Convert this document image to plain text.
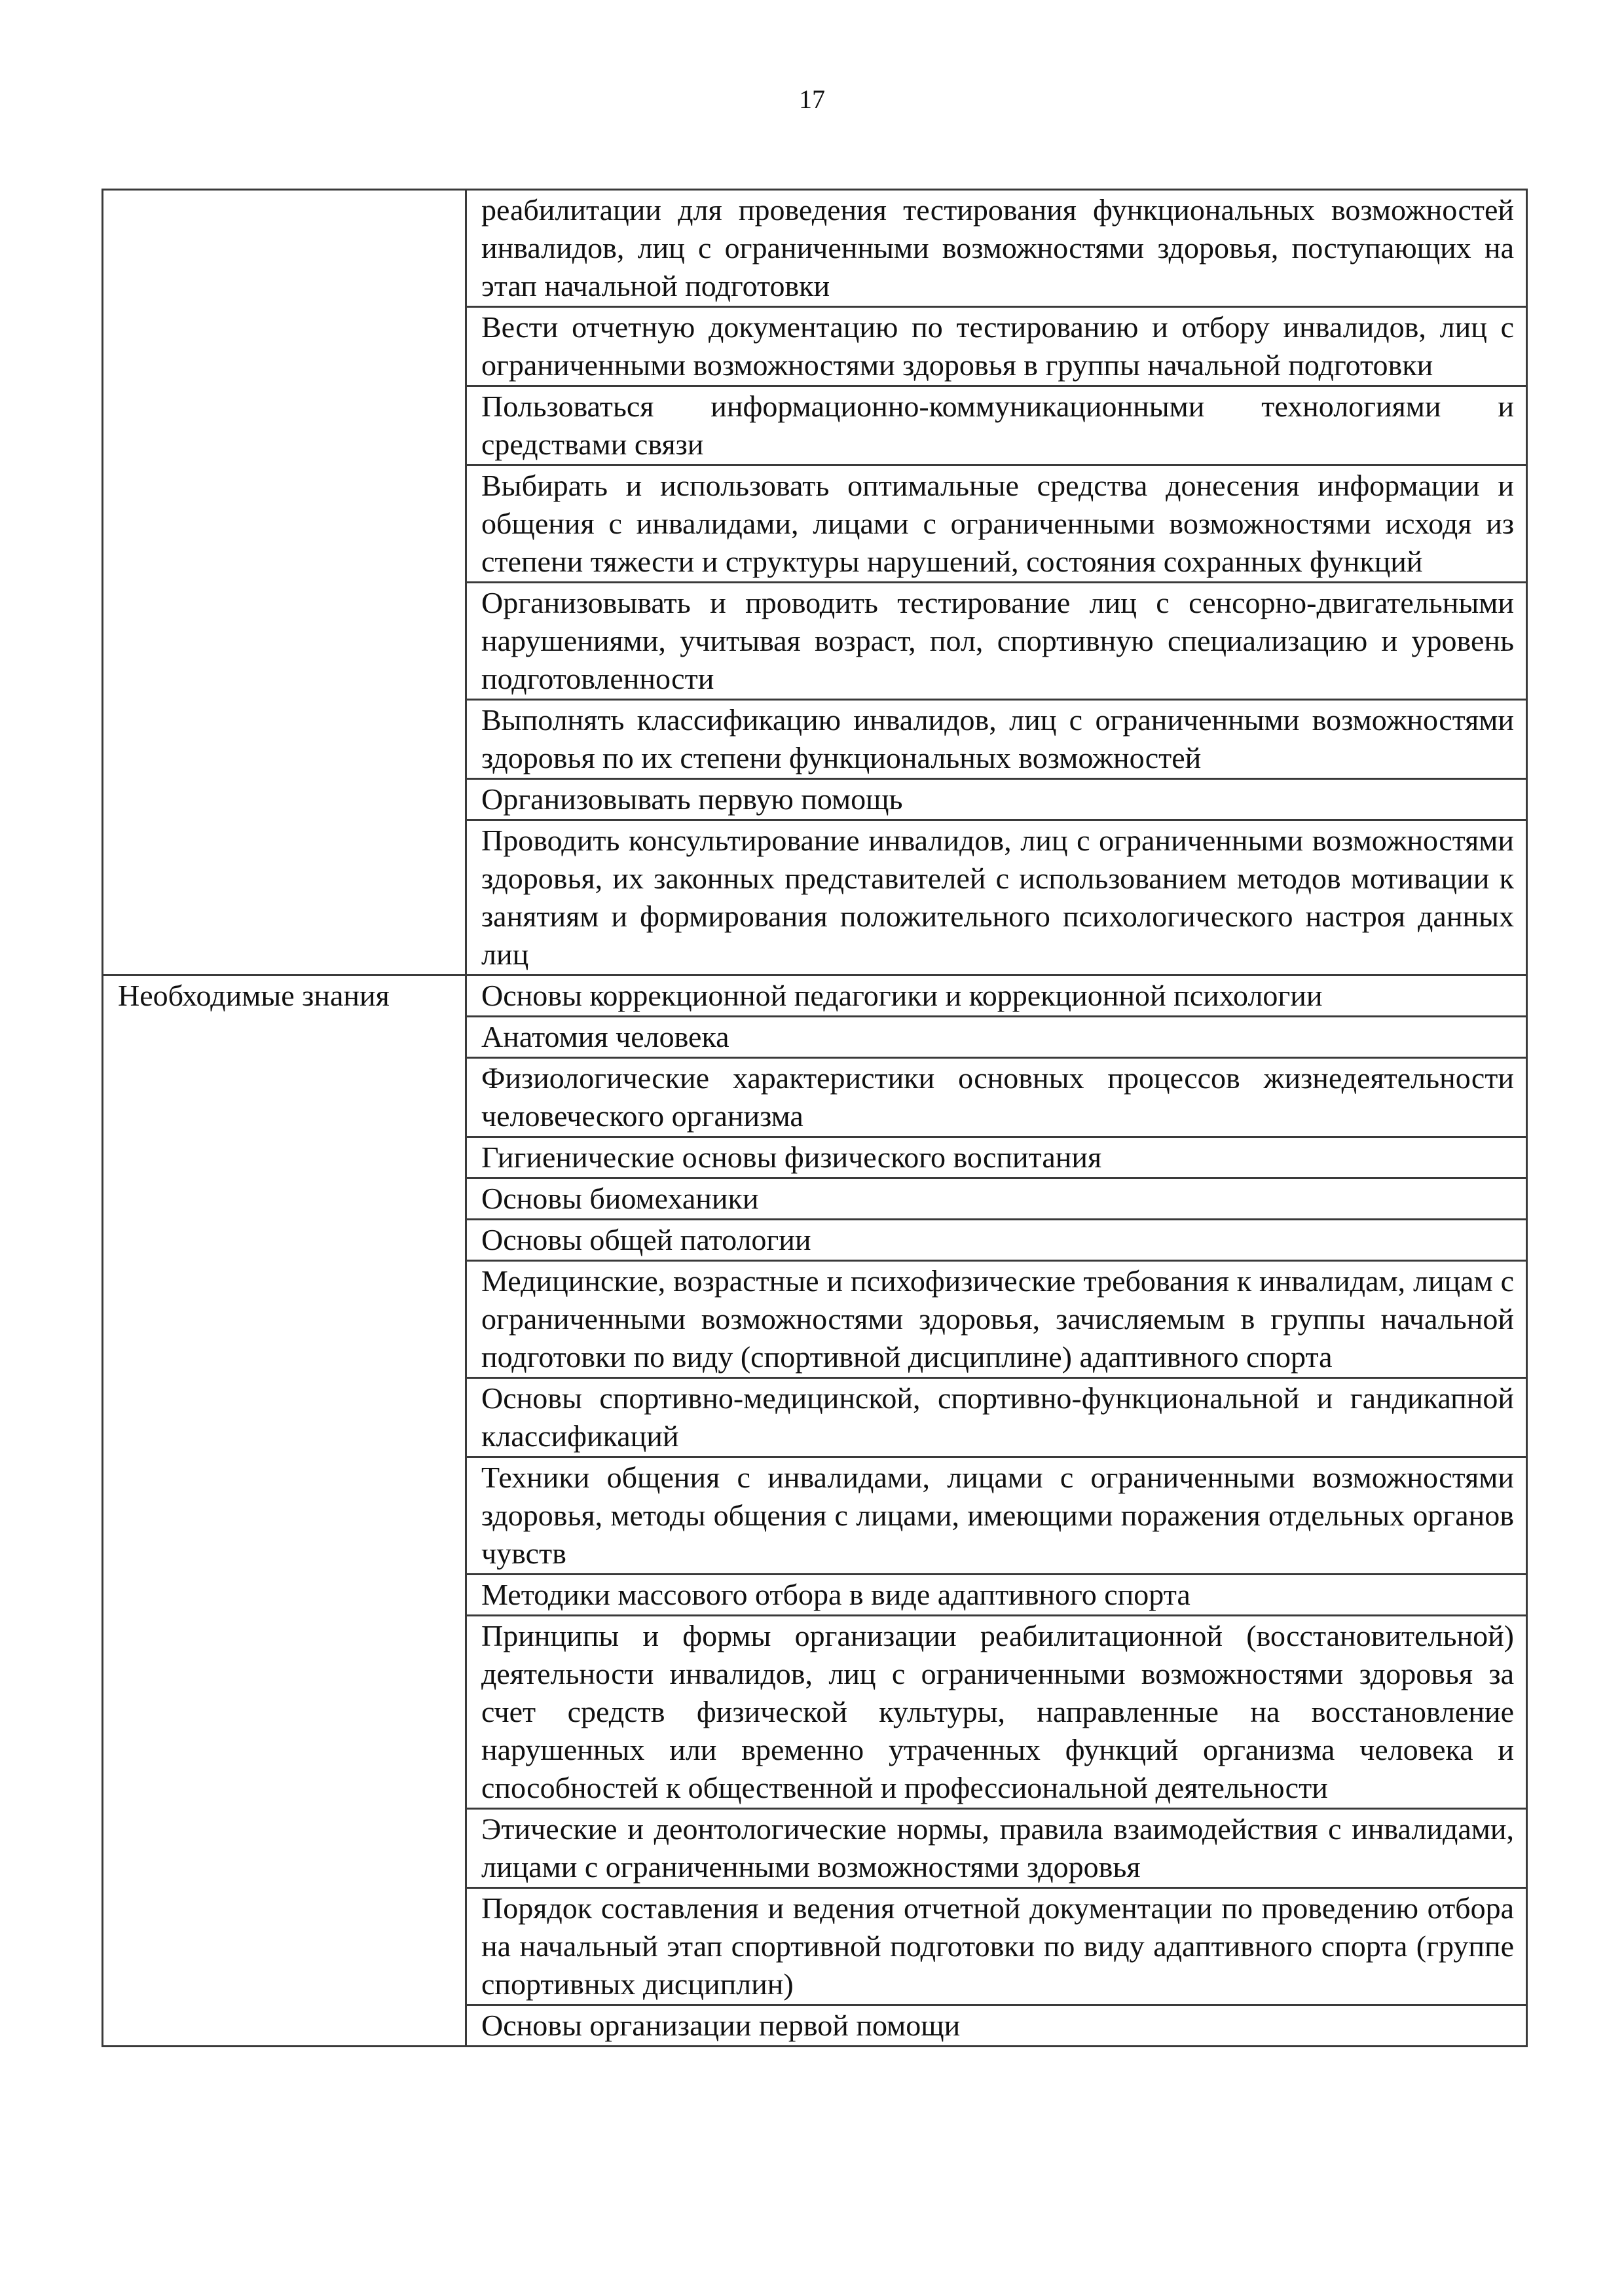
17
	реабилитации для проведения тестирования функциональных возможностей инвалидов, лиц с ограниченными возможностями здоровья, поступающих на этап начальной подготовки
	Вести отчетную документацию по тестированию и отбору инвалидов, лиц с ограниченными возможностями здоровья в группы начальной подготовки
	Пользоваться информационно-коммуникационными технологиями и средствами связи
	Выбирать и использовать оптимальные средства донесения информации и общения с инвалидами, лицами с ограниченными возможностями исходя из степени тяжести и структуры нарушений, состояния сохранных функций
	Организовывать и проводить тестирование лиц с сенсорно-двигательными нарушениями, учитывая возраст, пол, спортивную специализацию и уровень подготовленности
	Выполнять классификацию инвалидов, лиц с ограниченными возможностями здоровья по их степени функциональных возможностей
	Организовывать первую помощь
	Проводить консультирование инвалидов, лиц с ограниченными возможностями здоровья, их законных представителей с использованием методов мотивации к занятиям и формирования положительного психологического настроя данных лиц
Необходимые знания	Основы коррекционной педагогики и коррекционной психологии
	Анатомия человека
	Физиологические характеристики основных процессов жизнедеятельности человеческого организма
	Гигиенические основы физического воспитания
	Основы биомеханики
	Основы общей патологии
	Медицинские, возрастные и психофизические требования к инвалидам, лицам с ограниченными возможностями здоровья, зачисляемым в группы начальной подготовки по виду (спортивной дисциплине) адаптивного спорта
	Основы спортивно-медицинской, спортивно-функциональной и гандикапной классификаций
	Техники общения с инвалидами, лицами с ограниченными возможностями здоровья, методы общения с лицами, имеющими поражения отдельных органов чувств
	Методики массового отбора в виде адаптивного спорта
	Принципы и формы организации реабилитационной (восстановительной) деятельности инвалидов, лиц с ограниченными возможностями здоровья за счет средств физической культуры, направленные на восстановление нарушенных или временно утраченных функций организма человека и способностей к общественной и профессиональной деятельности
	Этические и деонтологические нормы, правила взаимодействия с инвалидами, лицами с ограниченными возможностями здоровья
	Порядок составления и ведения отчетной документации по проведению отбора на начальный этап спортивной подготовки по виду адаптивного спорта (группе спортивных дисциплин)
	Основы организации первой помощи
